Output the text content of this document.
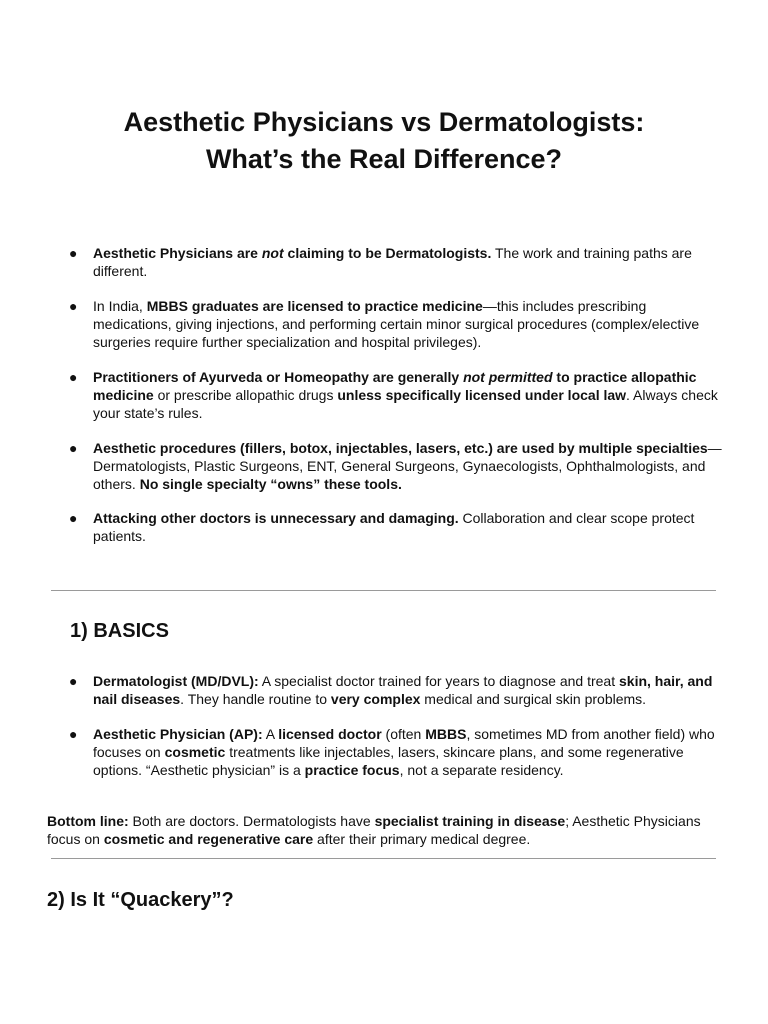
Aesthetic Physicians vs Dermatologists:
What’s the Real Difference?
● Aesthetic Physicians are not claiming to be Dermatologists. The work and training paths are different.
● In India, MBBS graduates are licensed to practice medicine—this includes prescribing medications, giving injections, and performing certain minor surgical procedures (complex/elective surgeries require further specialization and hospital privileges).
● Practitioners of Ayurveda or Homeopathy are generally not permitted to practice allopathic medicine or prescribe allopathic drugs unless specifically licensed under local law. Always check your state’s rules.
● Aesthetic procedures (fillers, botox, injectables, lasers, etc.) are used by multiple specialties—Dermatologists, Plastic Surgeons, ENT, General Surgeons, Gynaecologists, Ophthalmologists, and others. No single specialty “owns” these tools.
● Attacking other doctors is unnecessary and damaging. Collaboration and clear scope protect patients.
1) BASICS
● Dermatologist (MD/DVL): A specialist doctor trained for years to diagnose and treat skin, hair, and nail diseases. They handle routine to very complex medical and surgical skin problems.
● Aesthetic Physician (AP): A licensed doctor (often MBBS, sometimes MD from another field) who focuses on cosmetic treatments like injectables, lasers, skincare plans, and some regenerative options. “Aesthetic physician” is a practice focus, not a separate residency.
Bottom line: Both are doctors. Dermatologists have specialist training in disease; Aesthetic Physicians focus on cosmetic and regenerative care after their primary medical degree.
2) Is It “Quackery”?
